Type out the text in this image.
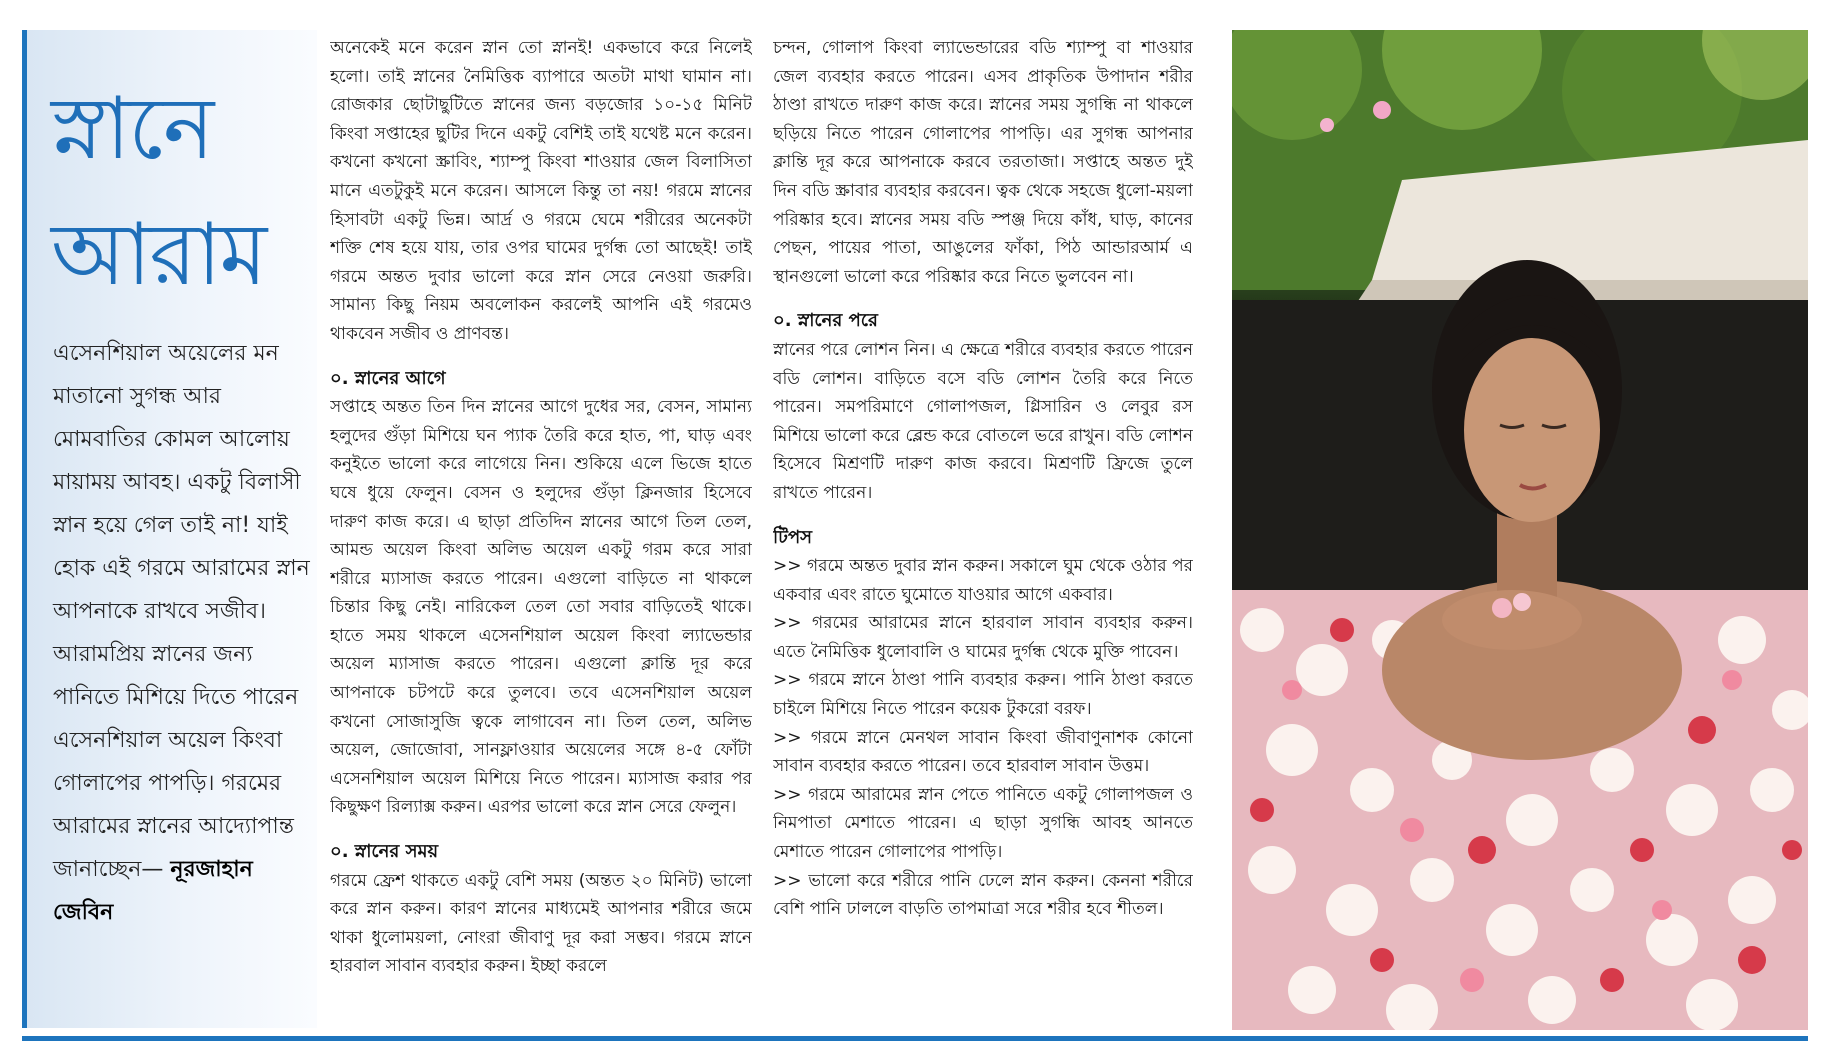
স্নানে
আরাম
এসেনশিয়াল অয়েলের মন মাতানো সুগন্ধ আর মোমবাতির কোমল আলোয় মায়াময় আবহ। একটু বিলাসী স্নান হয়ে গেল তাই না! যাই হোক এই গরমে আরামের স্নান আপনাকে রাখবে সজীব। আরামপ্রিয় স্নানের জন্য পানিতে মিশিয়ে দিতে পারেন এসেনশিয়াল অয়েল কিংবা গোলাপের পাপড়ি। গরমের আরামের স্নানের আদ্যোপান্ত জানাচ্ছেন— নূরজাহান জেবিন

অনেকেই মনে করেন স্নান তো স্নানই! একভাবে করে নিলেই হলো। তাই স্নানের নৈমিত্তিক ব্যাপারে অতটা মাথা ঘামান না। রোজকার ছোটাছুটিতে স্নানের জন্য বড়জোর ১০-১৫ মিনিট কিংবা সপ্তাহের ছুটির দিনে একটু বেশিই তাই যথেষ্ট মনে করেন। কখনো কখনো স্ক্রাবিং, শ্যাম্পু কিংবা শাওয়ার জেল বিলাসিতা মানে এতটুকুই মনে করেন। আসলে কিন্তু তা নয়! গরমে স্নানের হিসাবটা একটু ভিন্ন। আর্দ্র ও গরমে ঘেমে শরীরের অনেকটা শক্তি শেষ হয়ে যায়, তার ওপর ঘামের দুর্গন্ধ তো আছেই! তাই গরমে অন্তত দুবার ভালো করে স্নান সেরে নেওয়া জরুরি। সামান্য কিছু নিয়ম অবলোকন করলেই আপনি এই গরমেও থাকবেন সজীব ও প্রাণবন্ত।

০. স্নানের আগে

সপ্তাহে অন্তত তিন দিন স্নানের আগে দুধের সর, বেসন, সামান্য হলুদের গুঁড়া মিশিয়ে ঘন প্যাক তৈরি করে হাত, পা, ঘাড় এবং কনুইতে ভালো করে লাগেয়ে নিন। শুকিয়ে এলে ভিজে হাতে ঘষে ধুয়ে ফেলুন। বেসন ও হলুদের গুঁড়া ক্লিনজার হিসেবে দারুণ কাজ করে। এ ছাড়া প্রতিদিন স্নানের আগে তিল তেল, আমন্ড অয়েল কিংবা অলিভ অয়েল একটু গরম করে সারা শরীরে ম্যাসাজ করতে পারেন। এগুলো বাড়িতে না থাকলে চিন্তার কিছু নেই। নারিকেল তেল তো সবার বাড়িতেই থাকে। হাতে সময় থাকলে এসেনশিয়াল অয়েল কিংবা ল্যাভেন্ডার অয়েল ম্যাসাজ করতে পারেন। এগুলো ক্লান্তি দূর করে আপনাকে চটপটে করে তুলবে। তবে এসেনশিয়াল অয়েল কখনো সোজাসুজি ত্বকে লাগাবেন না। তিল তেল, অলিভ অয়েল, জোজোবা, সানফ্লাওয়ার অয়েলের সঙ্গে ৪-৫ ফোঁটা এসেনশিয়াল অয়েল মিশিয়ে নিতে পারেন। ম্যাসাজ করার পর কিছুক্ষণ রিল্যাক্স করুন। এরপর ভালো করে স্নান সেরে ফেলুন।

০. স্নানের সময়

গরমে ফ্রেশ থাকতে একটু বেশি সময় (অন্তত ২০ মিনিট) ভালো করে স্নান করুন। কারণ স্নানের মাধ্যমেই আপনার শরীরে জমে থাকা ধুলোময়লা, নোংরা জীবাণু দূর করা সম্ভব। গরমে স্নানে হারবাল সাবান ব্যবহার করুন। ইচ্ছা করলে

চন্দন, গোলাপ কিংবা ল্যাভেন্ডারের বডি শ্যাম্পু বা শাওয়ার জেল ব্যবহার করতে পারেন। এসব প্রাকৃতিক উপাদান শরীর ঠাণ্ডা রাখতে দারুণ কাজ করে। স্নানের সময় সুগন্ধি না থাকলে ছড়িয়ে নিতে পারেন গোলাপের পাপড়ি। এর সুগন্ধ আপনার ক্লান্তি দূর করে আপনাকে করবে তরতাজা। সপ্তাহে অন্তত দুই দিন বডি স্ক্রাবার ব্যবহার করবেন। ত্বক থেকে সহজে ধুলো-ময়লা পরিষ্কার হবে। স্নানের সময় বডি স্পঞ্জ দিয়ে কাঁধ, ঘাড়, কানের পেছন, পায়ের পাতা, আঙুলের ফাঁকা, পিঠ আন্ডারআর্ম এ স্থানগুলো ভালো করে পরিষ্কার করে নিতে ভুলবেন না।

০. স্নানের পরে

স্নানের পরে লোশন নিন। এ ক্ষেত্রে শরীরে ব্যবহার করতে পারেন বডি লোশন। বাড়িতে বসে বডি লোশন তৈরি করে নিতে পারেন। সমপরিমাণে গোলাপজল, গ্লিসারিন ও লেবুর রস মিশিয়ে ভালো করে ব্লেন্ড করে বোতলে ভরে রাখুন। বডি লোশন হিসেবে মিশ্রণটি দারুণ কাজ করবে। মিশ্রণটি ফ্রিজে তুলে রাখতে পারেন।

টিপস

>> গরমে অন্তত দুবার স্নান করুন। সকালে ঘুম থেকে ওঠার পর একবার এবং রাতে ঘুমোতে যাওয়ার আগে একবার।

>> গরমের আরামের স্নানে হারবাল সাবান ব্যবহার করুন। এতে নৈমিত্তিক ধুলোবালি ও ঘামের দুর্গন্ধ থেকে মুক্তি পাবেন।

>> গরমে স্নানে ঠাণ্ডা পানি ব্যবহার করুন। পানি ঠাণ্ডা করতে চাইলে মিশিয়ে নিতে পারেন কয়েক টুকরো বরফ।

>> গরমে স্নানে মেনথল সাবান কিংবা জীবাণুনাশক কোনো সাবান ব্যবহার করতে পারেন। তবে হারবাল সাবান উত্তম।

>> গরমে আরামের স্নান পেতে পানিতে একটু গোলাপজল ও নিমপাতা মেশাতে পারেন। এ ছাড়া সুগন্ধি আবহ আনতে মেশাতে পারেন গোলাপের পাপড়ি।

>> ভালো করে শরীরে পানি ঢেলে স্নান করুন। কেননা শরীরে বেশি পানি ঢাললে বাড়তি তাপমাত্রা সরে শরীর হবে শীতল।
